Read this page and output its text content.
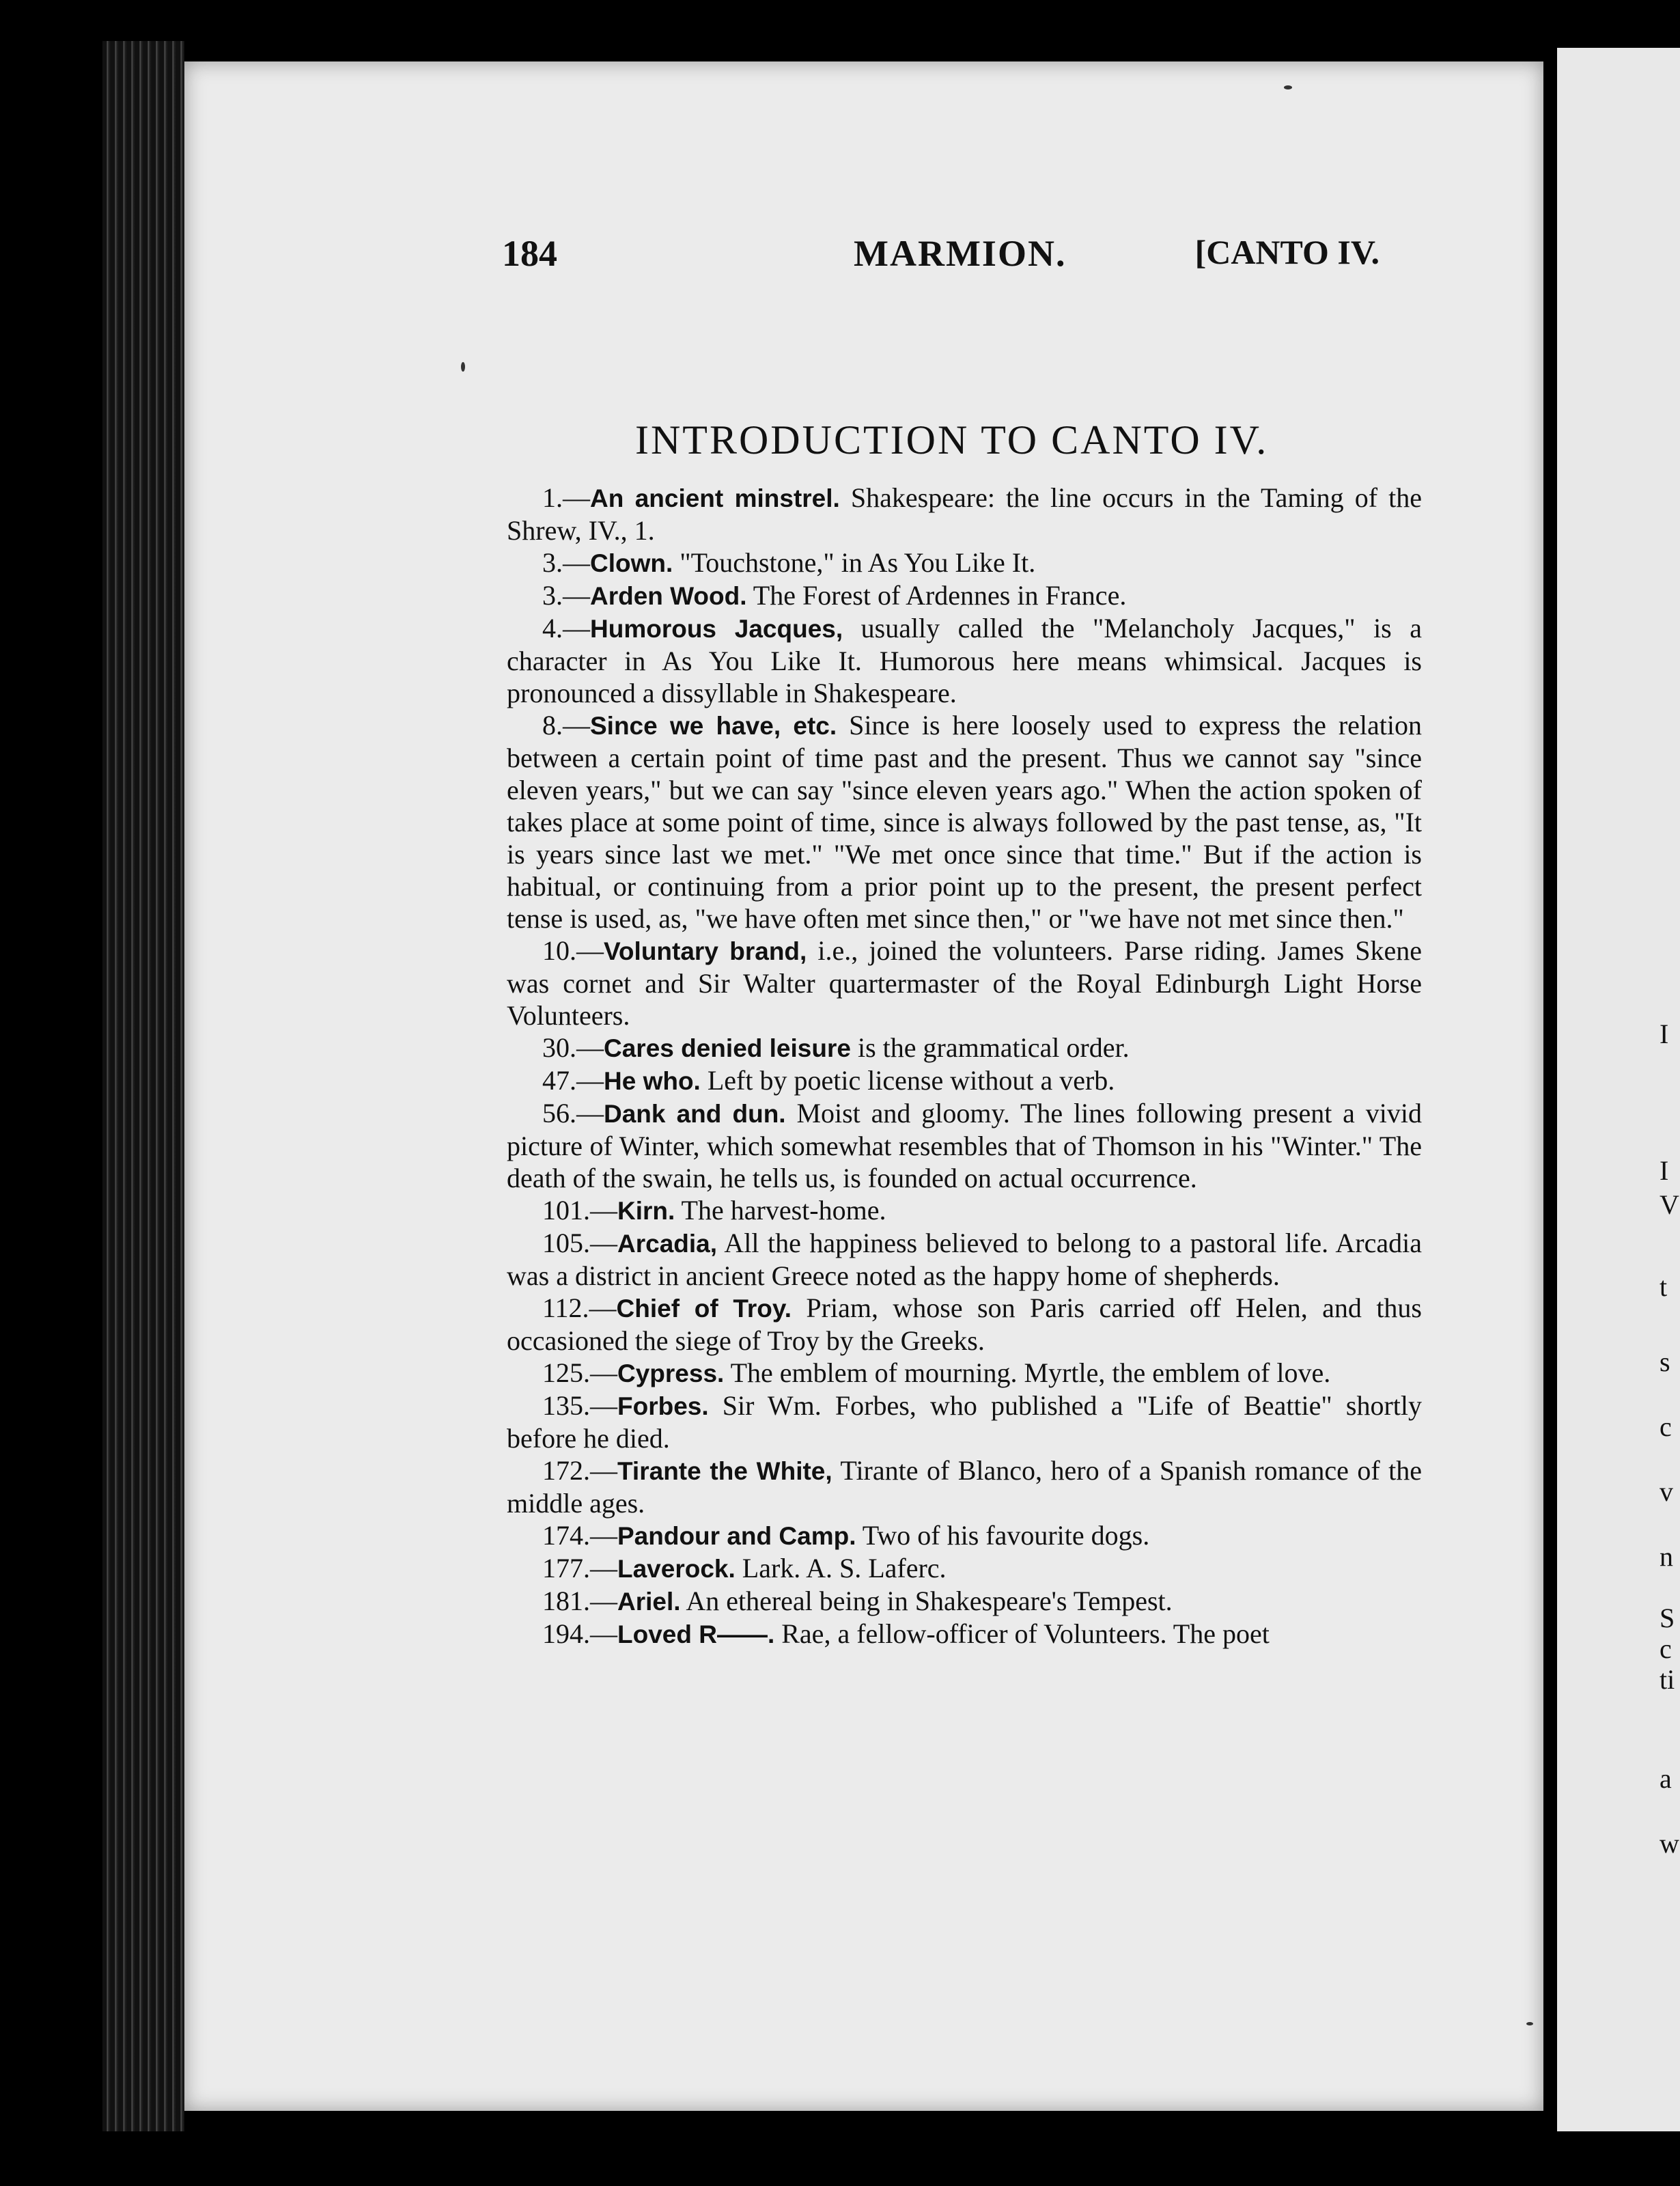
I
I
V
t
s
c
v
n
S
c
ti
a
w
184	MARMION.	[CANTO IV.
INTRODUCTION TO CANTO IV.

1.—An ancient minstrel. Shakespeare: the line occurs in the Taming of the Shrew, IV., 1.

3.—Clown. "Touchstone," in As You Like It.

3.—Arden Wood. The Forest of Ardennes in France.

4.—Humorous Jacques, usually called the "Melancholy Jacques," is a character in As You Like It. Humorous here means whimsical. Jacques is pronounced a dissyllable in Shakespeare.

8.—Since we have, etc. Since is here loosely used to express the relation between a certain point of time past and the present. Thus we cannot say "since eleven years," but we can say "since eleven years ago." When the action spoken of takes place at some point of time, since is always followed by the past tense, as, "It is years since last we met." "We met once since that time." But if the action is habitual, or continuing from a prior point up to the present, the present perfect tense is used, as, "we have often met since then," or "we have not met since then."

10.—Voluntary brand, i.e., joined the volunteers. Parse riding. James Skene was cornet and Sir Walter quartermaster of the Royal Edinburgh Light Horse Volunteers.

30.—Cares denied leisure is the grammatical order.

47.—He who. Left by poetic license without a verb.

56.—Dank and dun. Moist and gloomy. The lines following present a vivid picture of Winter, which somewhat resembles that of Thomson in his "Winter." The death of the swain, he tells us, is founded on actual occurrence.

101.—Kirn. The harvest-home.

105.—Arcadia, All the happiness believed to belong to a pastoral life. Arcadia was a district in ancient Greece noted as the happy home of shepherds.

112.—Chief of Troy. Priam, whose son Paris carried off Helen, and thus occasioned the siege of Troy by the Greeks.

125.—Cypress. The emblem of mourning. Myrtle, the emblem of love.

135.—Forbes. Sir Wm. Forbes, who published a "Life of Beattie" shortly before he died.

172.—Tirante the White, Tirante of Blanco, hero of a Spanish romance of the middle ages.

174.—Pandour and Camp. Two of his favourite dogs.

177.—Laverock. Lark. A. S. Laferc.

181.—Ariel. An ethereal being in Shakespeare's Tempest.

194.—Loved R——. Rae, a fellow-officer of Volunteers. The poet
